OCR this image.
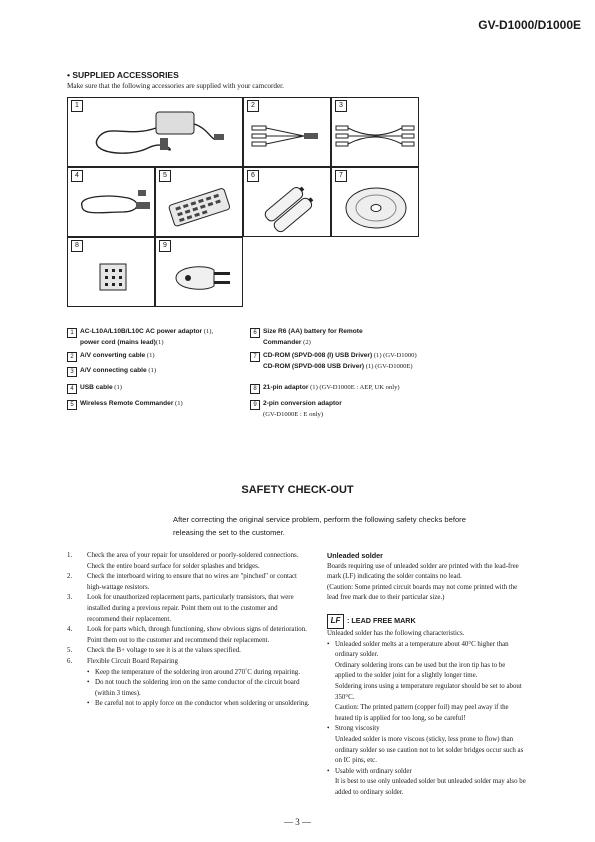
GV-D1000/D1000E
• SUPPLIED ACCESSORIES
Make sure that the following accessories are supplied with your camcorder.
1	2	3
4	5	6	7
8	9
1 AC-L10A/L10B/L10C AC power adaptor (1),
power cord (mains lead)(1)
2 A/V converting cable (1)
3 A/V connecting cable (1)
4 USB cable (1)
5 Wireless Remote Commander (1)
6 Size R6 (AA) battery for Remote
Commander (2)
7 CD-ROM (SPVD-008 (I) USB Driver) (1) (GV-D1000)
CD-ROM (SPVD-008 USB Driver) (1) (GV-D1000E)
8 21-pin adaptor (1) (GV-D1000E : AEP, UK only)
9 2-pin conversion adaptor
(GV-D1000E : E only)
SAFETY CHECK-OUT
After correcting the original service problem, perform the following safety checks before releasing the set to the customer.
1.	Check the area of your repair for unsoldered or poorly-soldered connections. Check the entire board surface for solder splashes and bridges.
2.	Check the interboard wiring to ensure that no wires are "pinched" or contact high-wattage resistors.
3.	Look for unauthorized replacement parts, particularly transistors, that were installed during a previous repair. Point them out to the customer and recommend their replacement.
4.	Look for parts which, through functioning, show obvious signs of deterioration. Point them out to the customer and recommend their replacement.
5.	Check the B+ voltage to see it is at the values specified.
6.	Flexible Circuit Board Repairing
• Keep the temperature of the soldering iron around 270˚C during repairing.
• Do not touch the soldering iron on the same conductor of the circuit board (within 3 times).
• Be careful not to apply force on the conductor when soldering or unsoldering.
Unleaded solder
Boards requiring use of unleaded solder are printed with the lead-free mark (LF) indicating the solder contains no lead.
(Caution: Some printed circuit boards may not come printed with the lead free mark due to their particular size.)
LF : LEAD FREE MARK
Unleaded solder has the following characteristics.
• Unleaded solder melts at a temperature about 40°C higher than ordinary solder.
Ordinary soldering irons can be used but the iron tip has to be applied to the solder joint for a slightly longer time.
Soldering irons using a temperature regulator should be set to about 350°C.
Caution: The printed pattern (copper foil) may peel away if the heated tip is applied for too long, so be careful!
• Strong viscosity
Unleaded solder is more viscous (sticky, less prone to flow) than ordinary solder so use caution not to let solder bridges occur such as on IC pins, etc.
• Usable with ordinary solder
It is best to use only unleaded solder but unleaded solder may also be added to ordinary solder.
— 3 —
